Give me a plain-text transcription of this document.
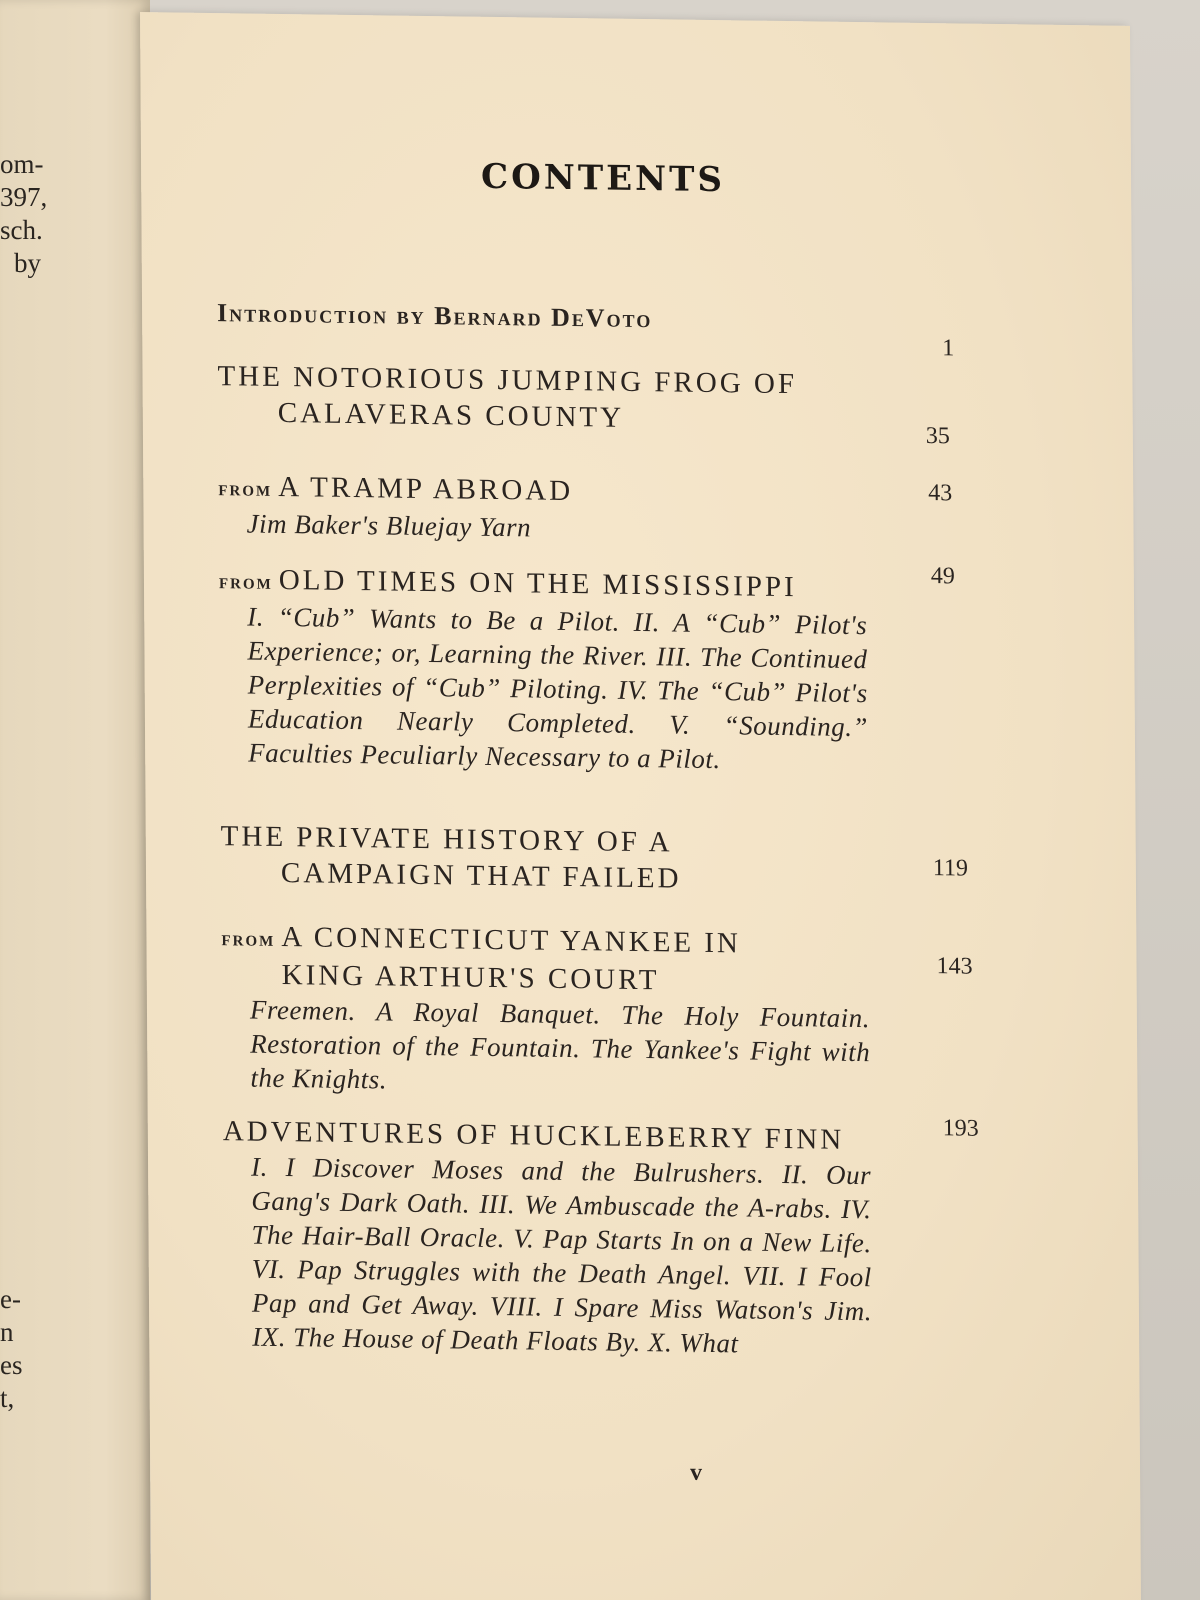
om-
397,
sch.
by
e-
n
es
t,
CONTENTS
Introduction by Bernard DeVoto
1
THE NOTORIOUS JUMPING FROG OF
CALAVERAS COUNTY
35
from A TRAMP ABROAD
Jim Baker's Bluejay Yarn
43
from OLD TIMES ON THE MISSISSIPPI
I. “Cub” Wants to Be a Pilot. II. A “Cub” Pilot's Experience; or, Learning the River. III. The Continued Perplexities of “Cub” Piloting. IV. The “Cub” Pilot's Education Nearly Completed. V. “Sounding.” Faculties Peculiarly Necessary to a Pilot.
49
THE PRIVATE HISTORY OF A
CAMPAIGN THAT FAILED	119
from A CONNECTICUT YANKEE IN
KING ARTHUR'S COURT
Freemen. A Royal Banquet. The Holy Fountain. Restoration of the Fountain. The Yankee's Fight with the Knights.
143
ADVENTURES OF HUCKLEBERRY FINN
I. I Discover Moses and the Bulrushers. II. Our Gang's Dark Oath. III. We Ambuscade the A-rabs. IV. The Hair-Ball Oracle. V. Pap Starts In on a New Life. VI. Pap Struggles with the Death Angel. VII. I Fool Pap and Get Away. VIII. I Spare Miss Watson's Jim. IX. The House of Death Floats By. X. What
193
v
